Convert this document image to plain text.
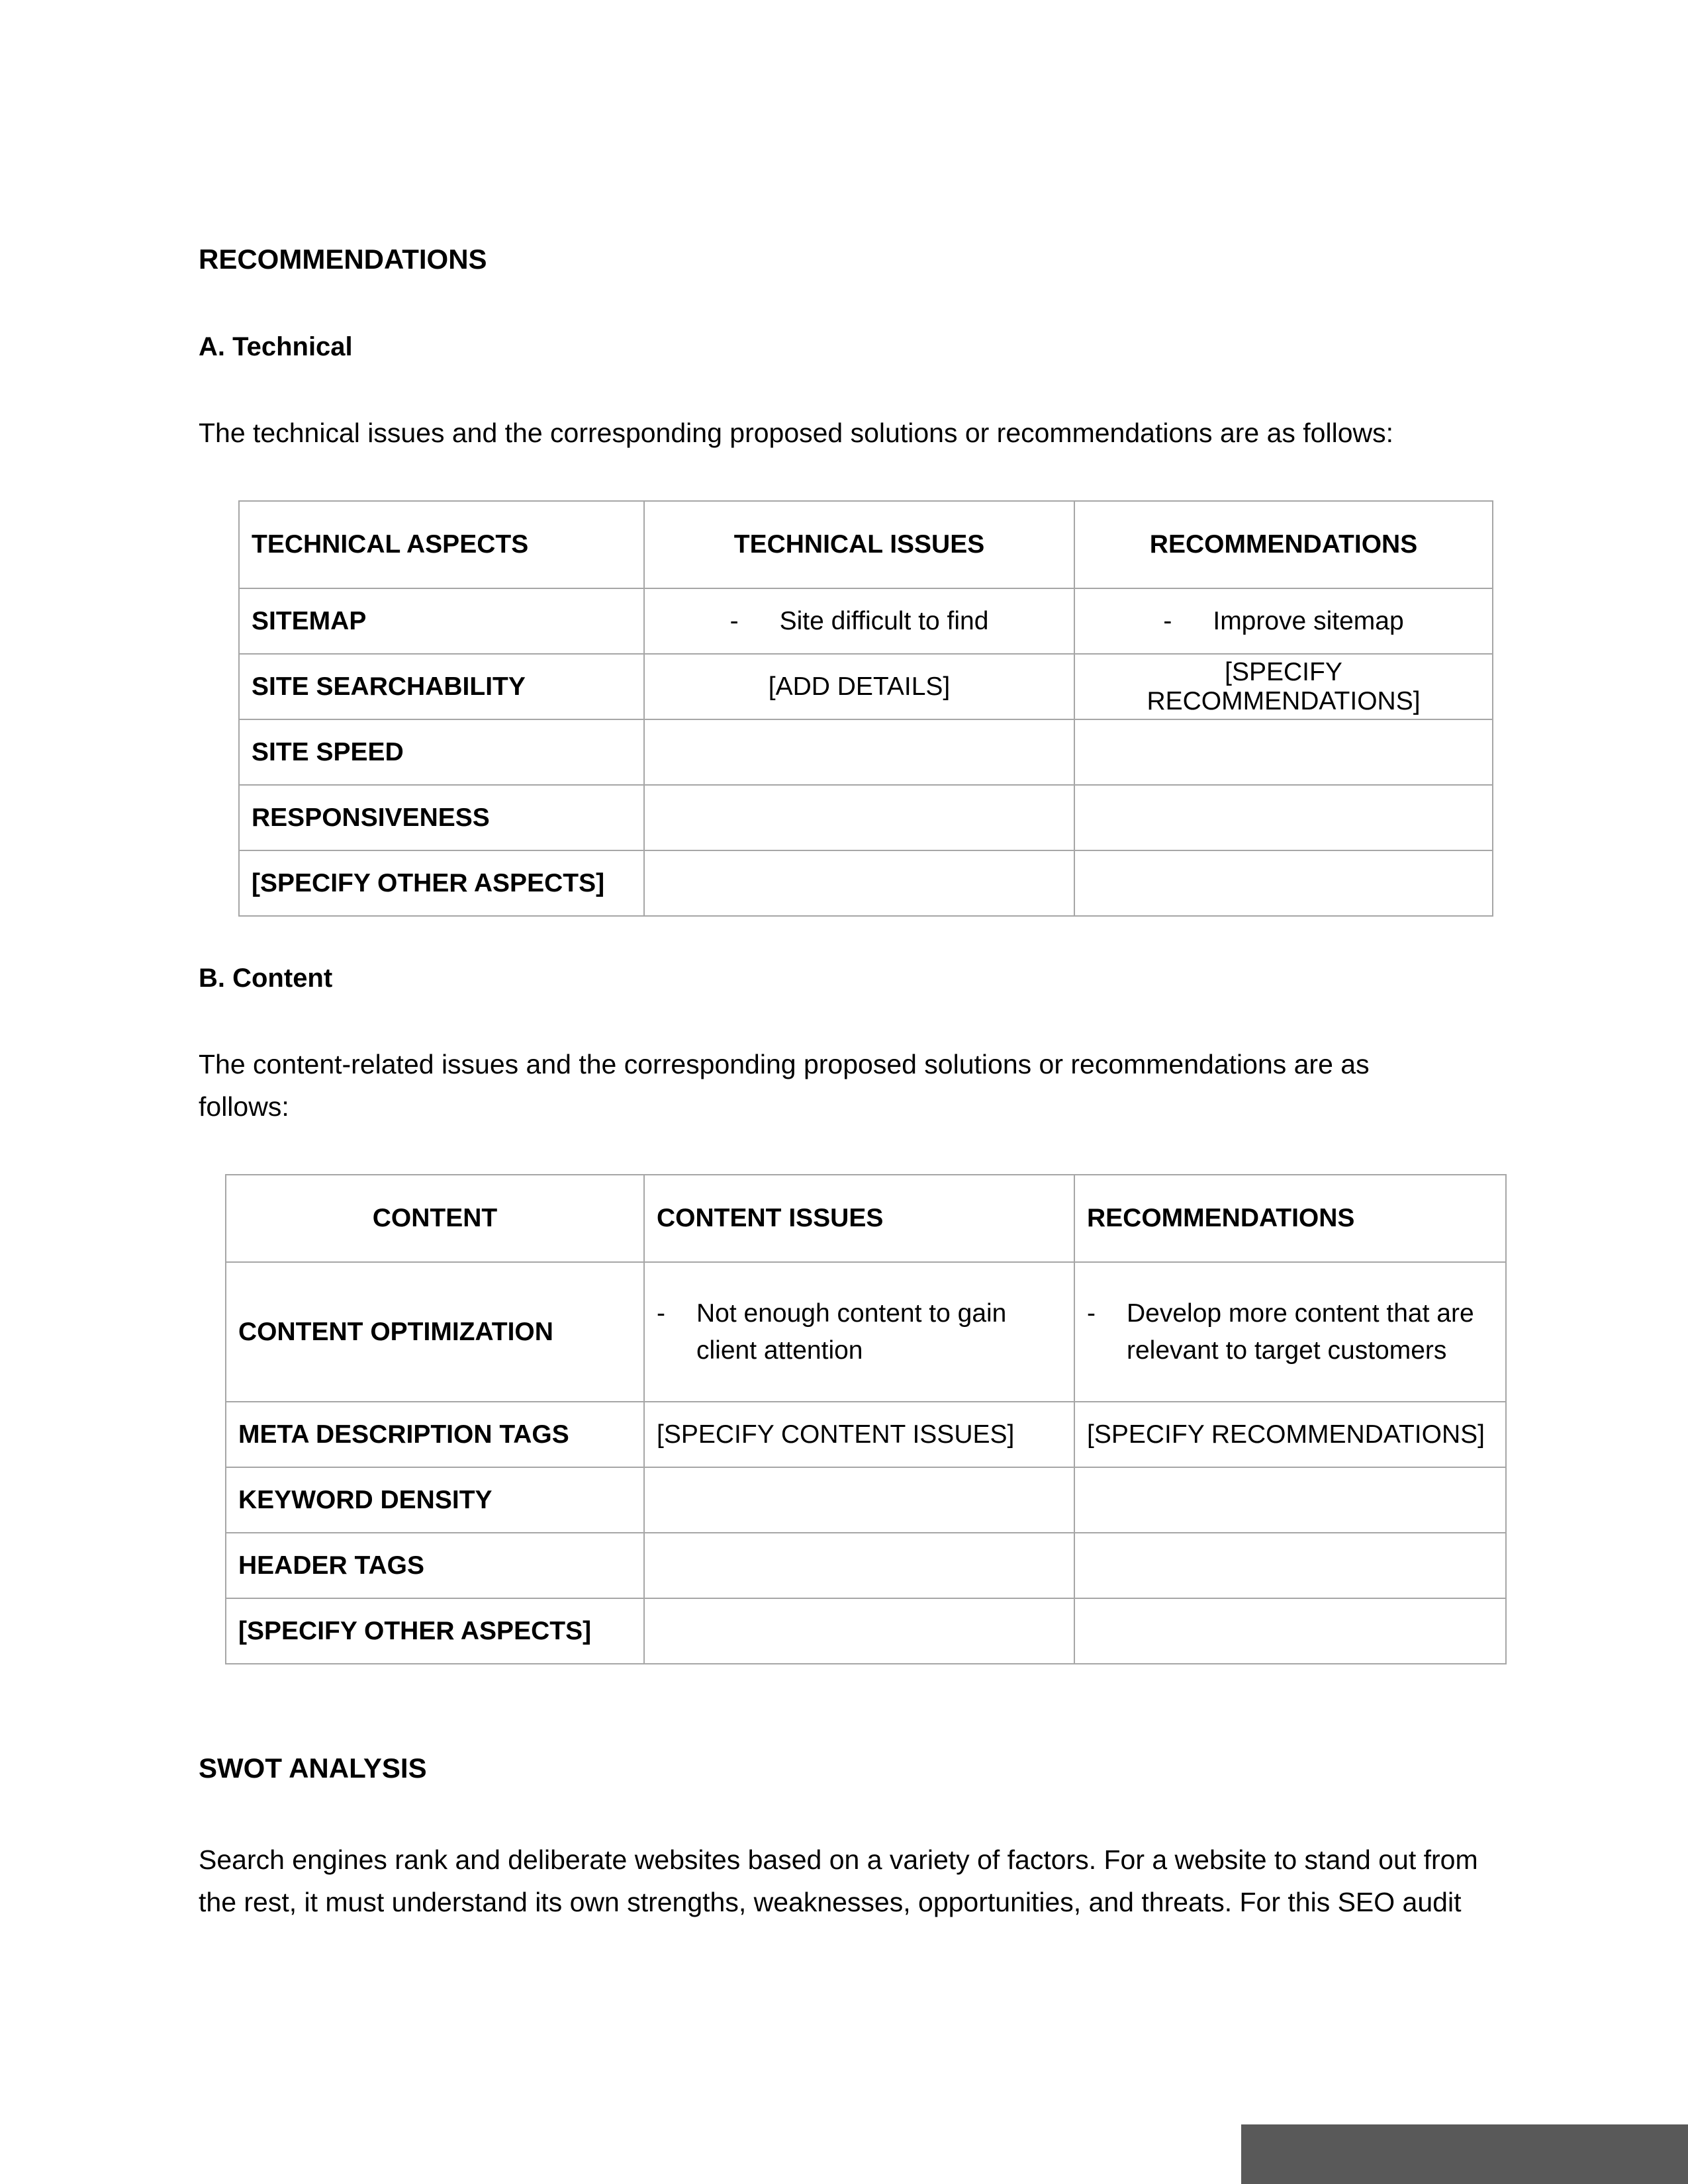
RECOMMENDATIONS
A. Technical

The technical issues and the corresponding proposed solutions or recommendations are as follows:

TECHNICAL ASPECTS	TECHNICAL ISSUES	RECOMMENDATIONS
SITEMAP	- Site difficult to find	- Improve sitemap

SITE SEARCHABILITY	[ADD DETAILS]	[SPECIFY RECOMMENDATIONS]
SITE SPEED		
RESPONSIVENESS		
[SPECIFY OTHER ASPECTS]		
B. Content

The content-related issues and the corresponding proposed solutions or recommendations are as follows:

CONTENT	CONTENT ISSUES	RECOMMENDATIONS
CONTENT OPTIMIZATION	- Not enough content to gain client attention	- Develop more content that are relevant to target customers

META DESCRIPTION TAGS	[SPECIFY CONTENT ISSUES]	[SPECIFY RECOMMENDATIONS]
KEYWORD DENSITY		
HEADER TAGS		
[SPECIFY OTHER ASPECTS]		
SWOT ANALYSIS

Search engines rank and deliberate websites based on a variety of factors. For a website to stand out from the rest, it must understand its own strengths, weaknesses, opportunities, and threats. For this SEO audit
